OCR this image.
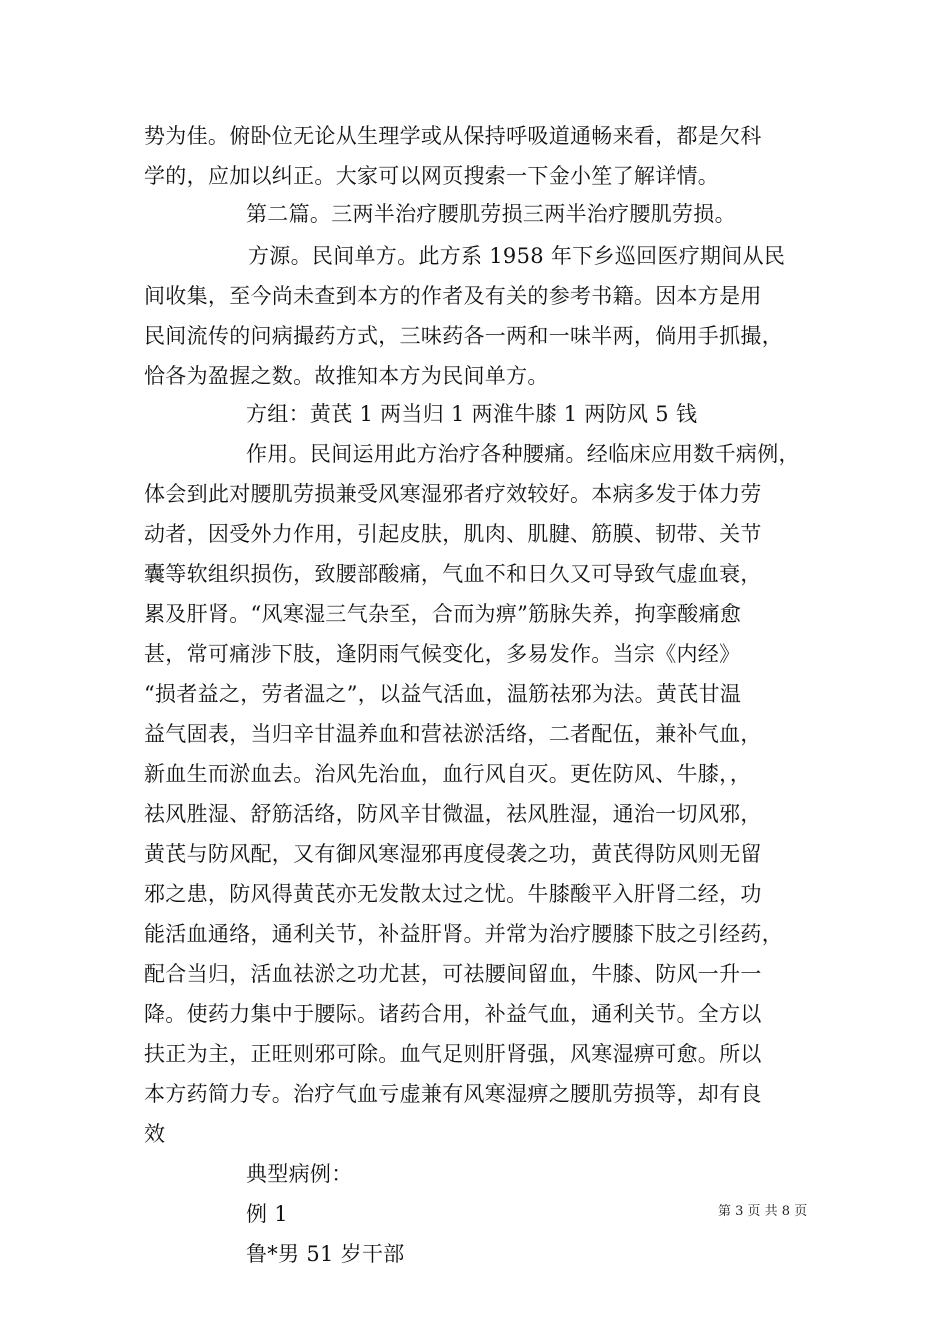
势为佳。俯卧位无论从生理学或从保持呼吸道通畅来看，都是欠科
学的，应加以纠正。大家可以网页搜索一下金小笙了解详情。
第二篇。三两半治疗腰肌劳损三两半治疗腰肌劳损。
方源。民间单方。此方系 1958 年下乡巡回医疗期间从民
间收集，至今尚未查到本方的作者及有关的参考书籍。因本方是用
民间流传的问病撮药方式，三味药各一两和一味半两，倘用手抓撮，
恰各为盈握之数。故推知本方为民间单方。
方组：黄芪 1 两当归 1 两淮牛膝 1 两防风 5 钱
作用。民间运用此方治疗各种腰痛。经临床应用数千病例，
体会到此对腰肌劳损兼受风寒湿邪者疗效较好。本病多发于体力劳
动者，因受外力作用，引起皮肤，肌肉、肌腱、筋膜、韧带、关节
囊等软组织损伤，致腰部酸痛，气血不和日久又可导致气虚血衰，
累及肝肾。“风寒湿三气杂至，合而为痹”筋脉失养，拘挛酸痛愈
甚，常可痛涉下肢，逢阴雨气候变化，多易发作。当宗《内经》
“损者益之，劳者温之”，以益气活血，温筋祛邪为法。黄芪甘温
益气固表，当归辛甘温养血和营祛淤活络，二者配伍，兼补气血，
新血生而淤血去。治风先治血，血行风自灭。更佐防风、牛膝，，
祛风胜湿、舒筋活络，防风辛甘微温，祛风胜湿，通治一切风邪，
黄芪与防风配，又有御风寒湿邪再度侵袭之功，黄芪得防风则无留
邪之患，防风得黄芪亦无发散太过之忧。牛膝酸平入肝肾二经，功
能活血通络，通利关节，补益肝肾。并常为治疗腰膝下肢之引经药，
配合当归，活血祛淤之功尤甚，可祛腰间留血，牛膝、防风一升一
降。使药力集中于腰际。诸药合用，补益气血，通利关节。全方以
扶正为主，正旺则邪可除。血气足则肝肾强，风寒湿痹可愈。所以
本方药简力专。治疗气血亏虚兼有风寒湿痹之腰肌劳损等，却有良
效
典型病例：
例 1
鲁*男 51 岁干部
第 3 页 共 8 页
